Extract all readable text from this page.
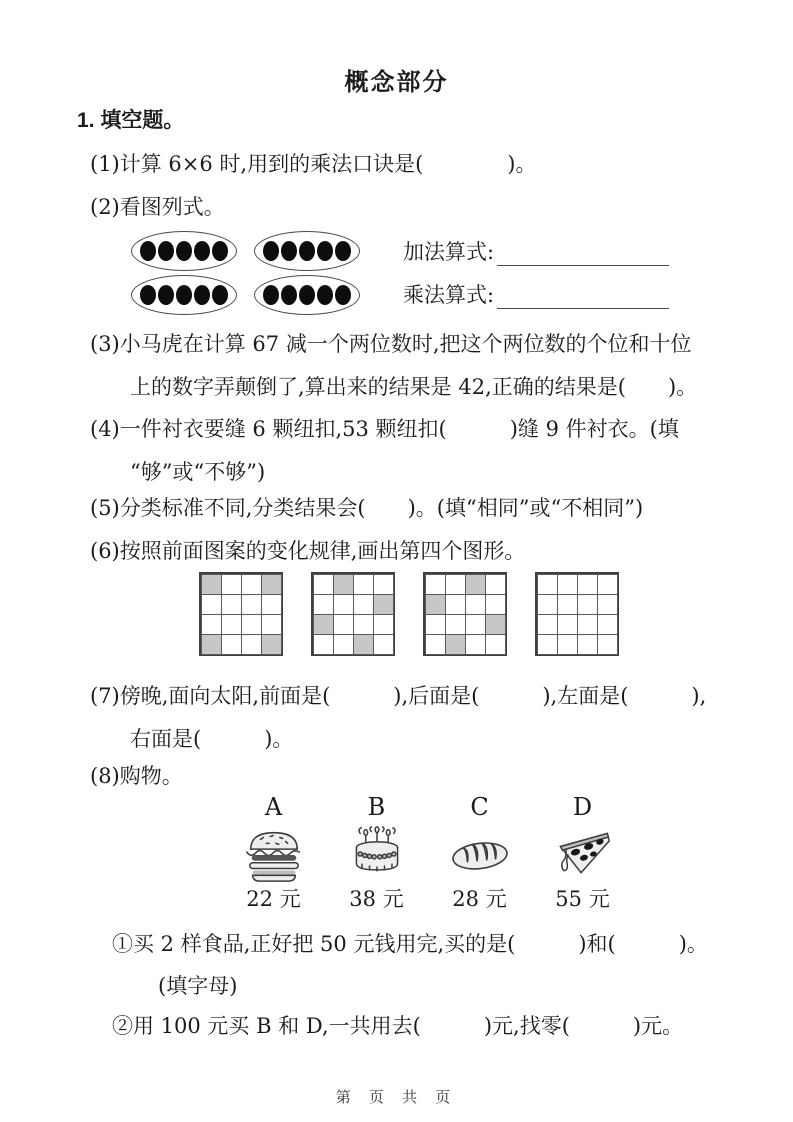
概念部分
1. 填空题。
(1)计算 6×6 时,用到的乘法口诀是(　　　　)。
(2)看图列式。
加法算式:
乘法算式:
(3)小马虎在计算 67 减一个两位数时,把这个两位数的个位和十位
上的数字弄颠倒了,算出来的结果是 42,正确的结果是(　　)。
(4)一件衬衣要缝 6 颗纽扣,53 颗纽扣(　　　)缝 9 件衬衣。(填
“够”或“不够”)
(5)分类标准不同,分类结果会(　　)。(填“相同”或“不相同”)
(6)按照前面图案的变化规律,画出第四个图形。
(7)傍晚,面向太阳,前面是(　　　),后面是(　　　),左面是(　　　),
右面是(　　　)。
(8)购物。
A
22 元
B
38 元
C
28 元
D
55 元
①买 2 样食品,正好把 50 元钱用完,买的是(　　　)和(　　　)。
(填字母)
②用 100 元买 B 和 D,一共用去(　　　)元,找零(　　　)元。
第 页 共 页
